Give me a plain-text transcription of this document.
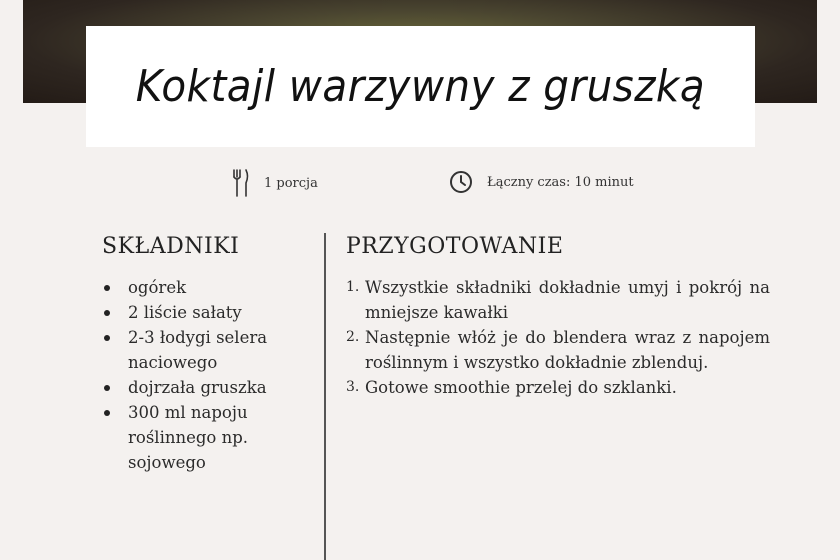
Koktajl warzywny z gruszką
1 porcja	Łączny czas: 10 minut
SKŁADNIKI
ogórek
2 liście sałaty
2-3 łodygi selera naciowego
dojrzała gruszka
300 ml napoju roślinnego np. sojowego
PRZYGOTOWANIE
1. Wszystkie składniki dokładnie umyj i pokrój na mniejsze kawałki
2. Następnie włóż je do blendera wraz z napojem roślinnym i wszystko dokładnie zblenduj.
3. Gotowe smoothie przelej do szklanki.
